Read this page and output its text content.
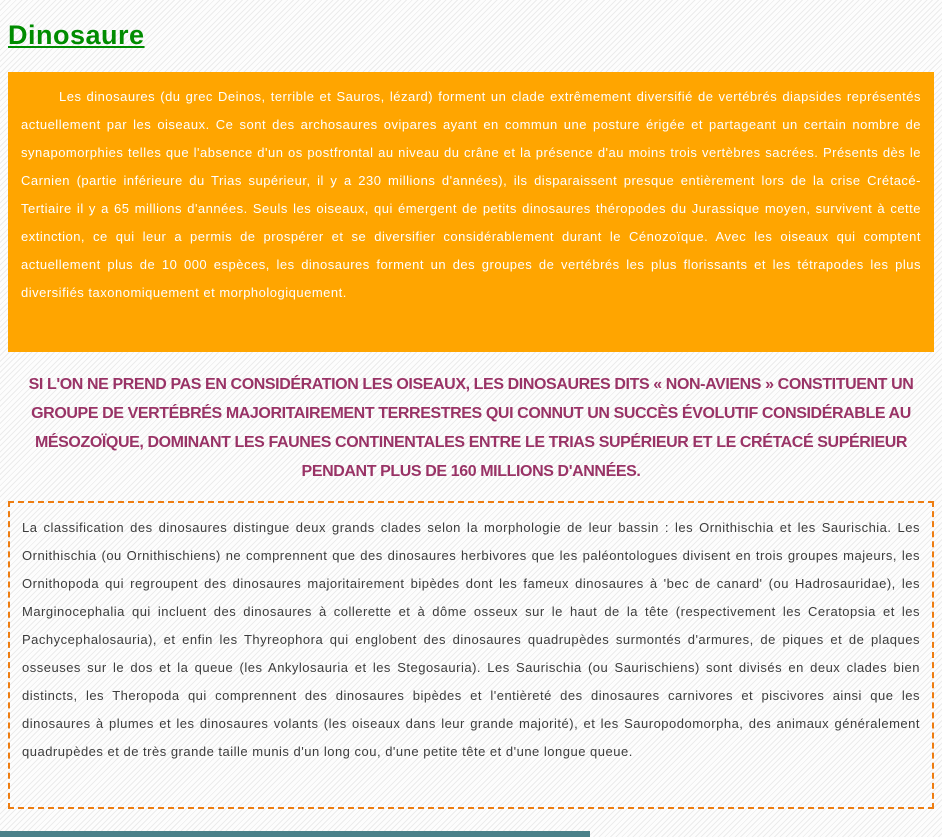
Dinosaure

Les dinosaures (du grec Deinos, terrible et Sauros, lézard) forment un clade extrêmement diversifié de vertébrés diapsides représentés actuellement par les oiseaux. Ce sont des archosaures ovipares ayant en commun une posture érigée et partageant un certain nombre de synapomorphies telles que l'absence d'un os postfrontal au niveau du crâne et la présence d'au moins trois vertèbres sacrées. Présents dès le Carnien (partie inférieure du Trias supérieur, il y a 230 millions d'années), ils disparaissent presque entièrement lors de la crise Crétacé-Tertiaire il y a 65 millions d'années. Seuls les oiseaux, qui émergent de petits dinosaures théropodes du Jurassique moyen, survivent à cette extinction, ce qui leur a permis de prospérer et se diversifier considérablement durant le Cénozoïque. Avec les oiseaux qui comptent actuellement plus de 10 000 espèces, les dinosaures forment un des groupes de vertébrés les plus florissants et les tétrapodes les plus diversifiés taxonomiquement et morphologiquement.

SI L'ON NE PREND PAS EN CONSIDÉRATION LES OISEAUX, LES DINOSAURES DITS « NON-AVIENS » CONSTITUENT UN GROUPE DE VERTÉBRÉS MAJORITAIREMENT TERRESTRES QUI CONNUT UN SUCCÈS ÉVOLUTIF CONSIDÉRABLE AU MÉSOZOÏQUE, DOMINANT LES FAUNES CONTINENTALES ENTRE LE TRIAS SUPÉRIEUR ET LE CRÉTACÉ SUPÉRIEUR PENDANT PLUS DE 160 MILLIONS D'ANNÉES.

La classification des dinosaures distingue deux grands clades selon la morphologie de leur bassin : les Ornithischia et les Saurischia. Les Ornithischia (ou Ornithischiens) ne comprennent que des dinosaures herbivores que les paléontologues divisent en trois groupes majeurs, les Ornithopoda qui regroupent des dinosaures majoritairement bipèdes dont les fameux dinosaures à 'bec de canard' (ou Hadrosauridae), les Marginocephalia qui incluent des dinosaures à collerette et à dôme osseux sur le haut de la tête (respectivement les Ceratopsia et les Pachycephalosauria), et enfin les Thyreophora qui englobent des dinosaures quadrupèdes surmontés d'armures, de piques et de plaques osseuses sur le dos et la queue (les Ankylosauria et les Stegosauria). Les Saurischia (ou Saurischiens) sont divisés en deux clades bien distincts, les Theropoda qui comprennent des dinosaures bipèdes et l'entièreté des dinosaures carnivores et piscivores ainsi que les dinosaures à plumes et les dinosaures volants (les oiseaux dans leur grande majorité), et les Sauropodomorpha, des animaux généralement quadrupèdes et de très grande taille munis d'un long cou, d'une petite tête et d'une longue queue.
